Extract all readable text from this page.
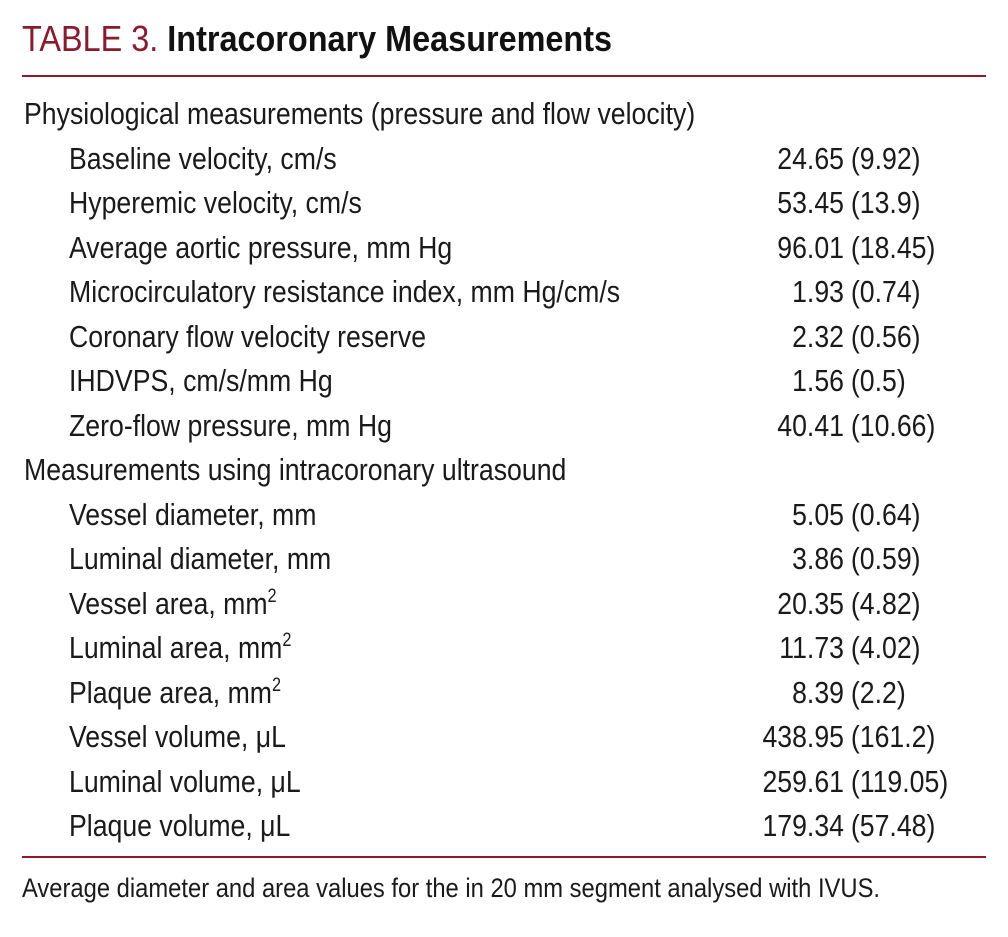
TABLE 3. Intracoronary Measurements
Physiological measurements (pressure and flow velocity)
Baseline velocity, cm/s	24.65 (9.92)
Hyperemic velocity, cm/s	53.45 (13.9)
Average aortic pressure, mm Hg	96.01 (18.45)
Microcirculatory resistance index, mm Hg/cm/s	1.93 (0.74)
Coronary flow velocity reserve	2.32 (0.56)
IHDVPS, cm/s/mm Hg	1.56 (0.5)
Zero-flow pressure, mm Hg	40.41 (10.66)
Measurements using intracoronary ultrasound
Vessel diameter, mm	5.05 (0.64)
Luminal diameter, mm	3.86 (0.59)
Vessel area, $mm^2$	20.35 (4.82)
Luminal area, $mm^2$	11.73 (4.02)
Plaque area, $mm^2$	8.39 (2.2)
Vessel volume, μL	438.95 (161.2)
Luminal volume, μL	259.61 (119.05)
Plaque volume, μL	179.34 (57.48)
Average diameter and area values for the in 20 mm segment analysed with IVUS.
